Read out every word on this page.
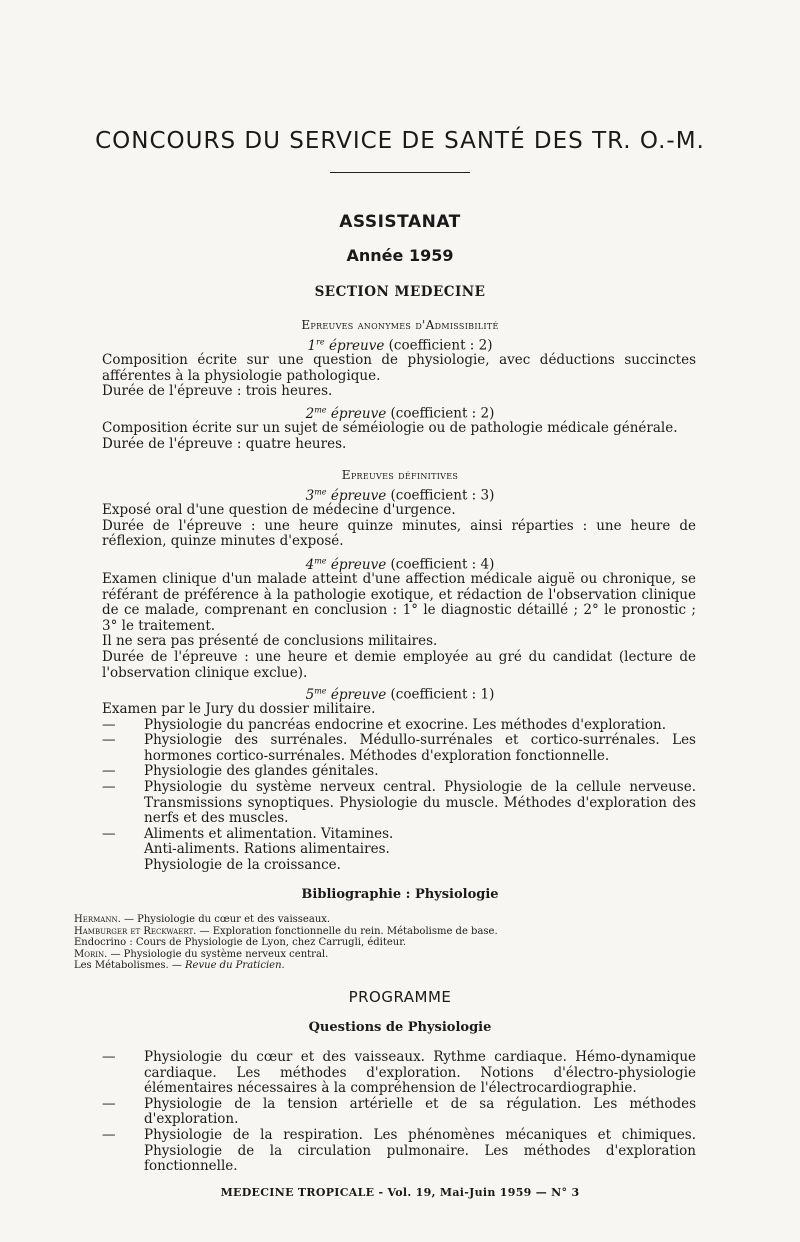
CONCOURS DU SERVICE DE SANTÉ DES TR. O.-M.
ASSISTANAT
Année 1959
SECTION MEDECINE
Epreuves anonymes d'Admissibilité
1re épreuve (coefficient : 2)

Composition écrite sur une question de physiologie, avec déductions succinctes afférentes à la physiologie pathologique.

Durée de l'épreuve : trois heures.

$2^{me}$ épreuve (coefficient : 2)

Composition écrite sur un sujet de séméiologie ou de pathologie médicale générale.

Durée de l'épreuve : quatre heures.

Epreuves définitives
$3^{me}$ épreuve (coefficient : 3)

Exposé oral d'une question de médecine d'urgence.

Durée de l'épreuve : une heure quinze minutes, ainsi réparties : une heure de réflexion, quinze minutes d'exposé.

$4^{me}$ épreuve (coefficient : 4)

Examen clinique d'un malade atteint d'une affection médicale aiguë ou chronique, se référant de préférence à la pathologie exotique, et rédaction de l'observation clinique de ce malade, comprenant en conclusion : 1° le diagnostic détaillé ; 2° le pronostic ; 3° le traitement.

Il ne sera pas présenté de conclusions militaires.

Durée de l'épreuve : une heure et demie employée au gré du candidat (lecture de l'observation clinique exclue).

$5^{me}$ épreuve (coefficient : 1)

Examen par le Jury du dossier militaire.

— Physiologie du pancréas endocrine et exocrine. Les méthodes d'exploration.
— Physiologie des surrénales. Médullo-surrénales et cortico-surrénales. Les hormones cortico-surrénales. Méthodes d'exploration fonctionnelle.
— Physiologie des glandes génitales.
— Physiologie du système nerveux central. Physiologie de la cellule nerveuse. Transmissions synoptiques. Physiologie du muscle. Méthodes d'exploration des nerfs et des muscles.
— Aliments et alimentation. Vitamines.
Anti-aliments. Rations alimentaires.
Physiologie de la croissance.
Bibliographie : Physiologie

Hermann. — Physiologie du cœur et des vaisseaux.

Hamburger et Reckwaert. — Exploration fonctionnelle du rein. Métabolisme de base.

Endocrino : Cours de Physiologie de Lyon, chez Carrugli, éditeur.

Morin. — Physiologie du système nerveux central.

Les Métabolismes. — Revue du Praticien.

PROGRAMME
Questions de Physiologie
— Physiologie du cœur et des vaisseaux. Rythme cardiaque. Hémo-dynamique cardiaque. Les méthodes d'exploration. Notions d'électro-physiologie élémentaires nécessaires à la compréhension de l'électrocardiographie.
— Physiologie de la tension artérielle et de sa régulation. Les méthodes d'exploration.
— Physiologie de la respiration. Les phénomènes mécaniques et chimiques. Physiologie de la circulation pulmonaire. Les méthodes d'exploration fonctionnelle.
MEDECINE TROPICALE - Vol. 19, Mai-Juin 1959 — N° 3
